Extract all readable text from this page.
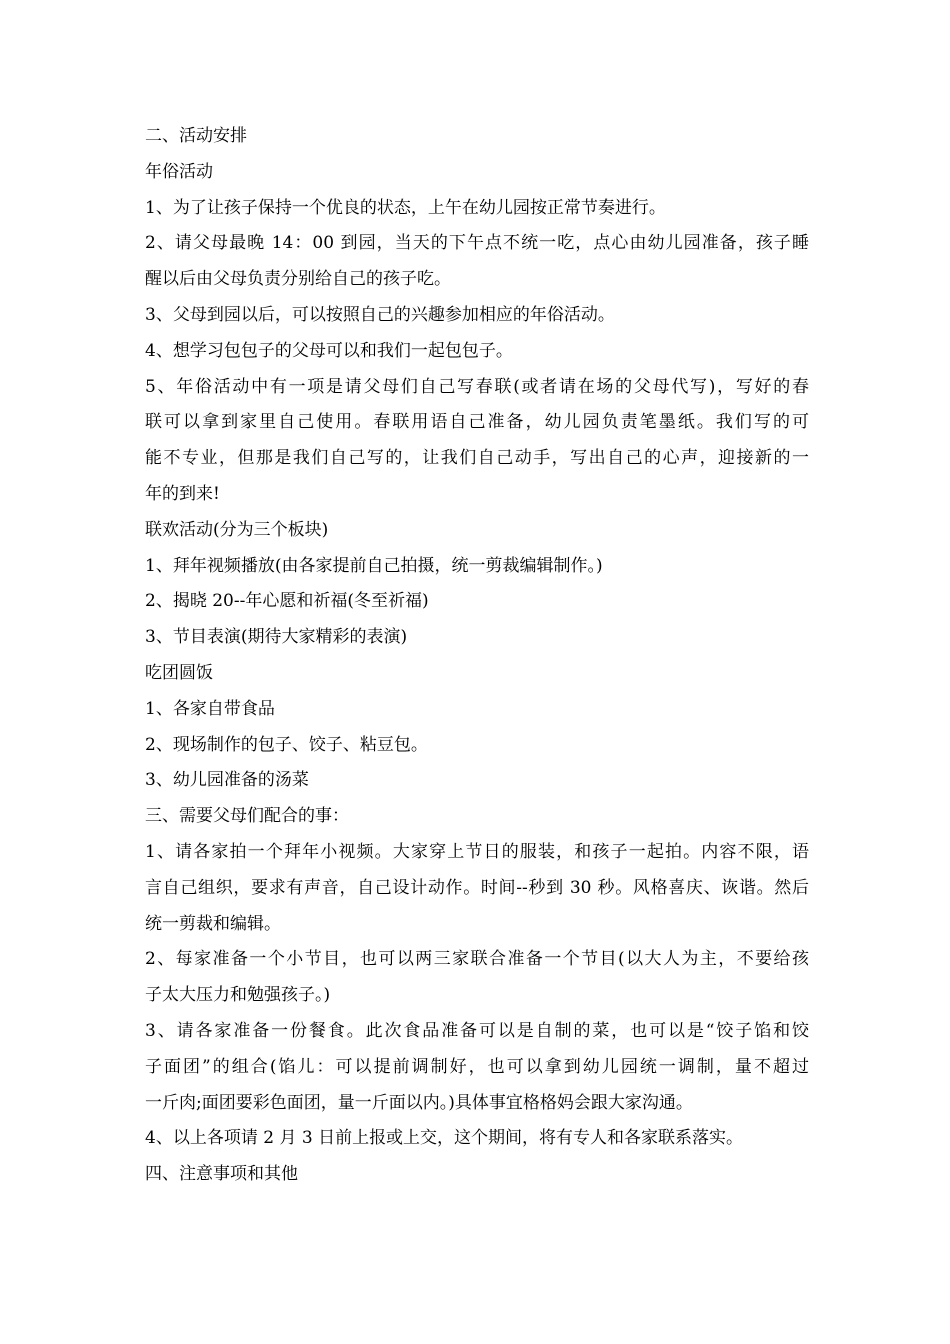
二、活动安排
年俗活动
1、为了让孩子保持一个优良的状态，上午在幼儿园按正常节奏进行。
2、请父母最晚 14：00 到园，当天的下午点不统一吃，点心由幼儿园准备，孩子睡
醒以后由父母负责分别给自己的孩子吃。
3、父母到园以后，可以按照自己的兴趣参加相应的年俗活动。
4、想学习包包子的父母可以和我们一起包包子。
5、年俗活动中有一项是请父母们自己写春联(或者请在场的父母代写)，写好的春
联可以拿到家里自己使用。春联用语自己准备，幼儿园负责笔墨纸。我们写的可
能不专业，但那是我们自己写的，让我们自己动手，写出自己的心声，迎接新的一
年的到来!
联欢活动(分为三个板块)
1、拜年视频播放(由各家提前自己拍摄，统一剪裁编辑制作。)
2、揭晓 20--年心愿和祈福(冬至祈福)
3、节目表演(期待大家精彩的表演)
吃团圆饭
1、各家自带食品
2、现场制作的包子、饺子、粘豆包。
3、幼儿园准备的汤菜
三、需要父母们配合的事：
1、请各家拍一个拜年小视频。大家穿上节日的服装，和孩子一起拍。内容不限，语
言自己组织，要求有声音，自己设计动作。时间--秒到 30 秒。风格喜庆、诙谐。然后
统一剪裁和编辑。
2、每家准备一个小节目，也可以两三家联合准备一个节目(以大人为主，不要给孩
子太大压力和勉强孩子。)
3、请各家准备一份餐食。此次食品准备可以是自制的菜，也可以是“饺子馅和饺
子面团”的组合(馅儿：可以提前调制好，也可以拿到幼儿园统一调制，量不超过
一斤肉;面团要彩色面团，量一斤面以内。)具体事宜格格妈会跟大家沟通。
4、以上各项请 2 月 3 日前上报或上交，这个期间，将有专人和各家联系落实。
四、注意事项和其他
